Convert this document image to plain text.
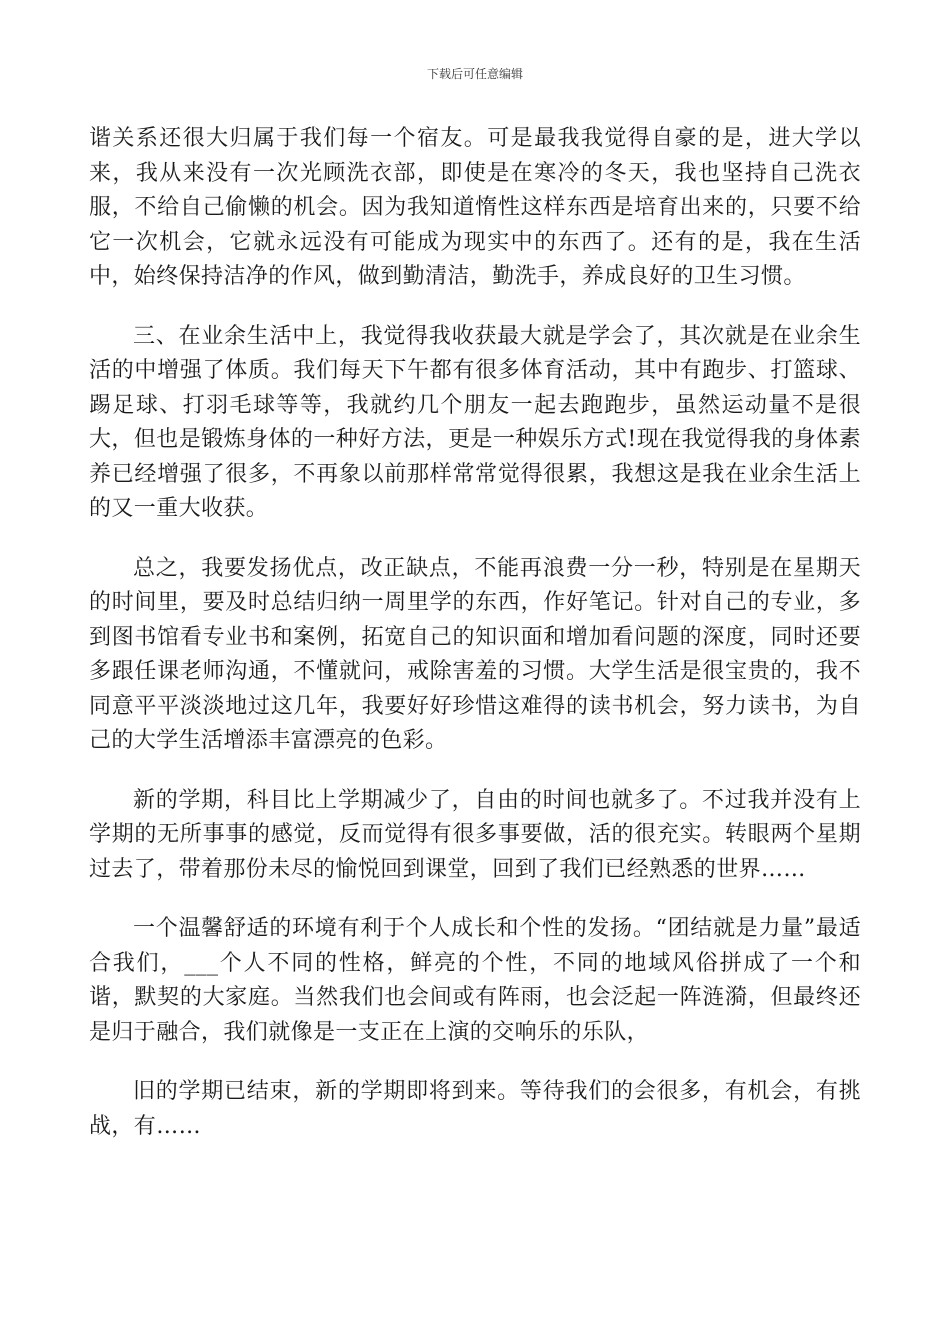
下载后可任意编辑

谐关系还很大归属于我们每一个宿友。可是最我我觉得自豪的是，进大学以来，我从来没有一次光顾洗衣部，即使是在寒冷的冬天，我也坚持自己洗衣服，不给自己偷懒的机会。因为我知道惰性这样东西是培育出来的，只要不给它一次机会，它就永远没有可能成为现实中的东西了。还有的是，我在生活中，始终保持洁净的作风，做到勤清洁，勤洗手，养成良好的卫生习惯。

三、在业余生活中上，我觉得我收获最大就是学会了，其次就是在业余生活的中增强了体质。我们每天下午都有很多体育活动，其中有跑步、打篮球、踢足球、打羽毛球等等，我就约几个朋友一起去跑跑步，虽然运动量不是很大，但也是锻炼身体的一种好方法，更是一种娱乐方式!现在我觉得我的身体素养已经增强了很多，不再象以前那样常常觉得很累，我想这是我在业余生活上的又一重大收获。

总之，我要发扬优点，改正缺点，不能再浪费一分一秒，特别是在星期天的时间里，要及时总结归纳一周里学的东西，作好笔记。针对自己的专业，多到图书馆看专业书和案例，拓宽自己的知识面和增加看问题的深度，同时还要多跟任课老师沟通，不懂就问，戒除害羞的习惯。大学生活是很宝贵的，我不同意平平淡淡地过这几年，我要好好珍惜这难得的读书机会，努力读书，为自己的大学生活增添丰富漂亮的色彩。

新的学期，科目比上学期减少了，自由的时间也就多了。不过我并没有上学期的无所事事的感觉，反而觉得有很多事要做，活的很充实。转眼两个星期过去了，带着那份未尽的愉悦回到课堂，回到了我们已经熟悉的世界……

一个温馨舒适的环境有利于个人成长和个性的发扬。“团结就是力量”最适合我们，___个人不同的性格，鲜亮的个性，不同的地域风俗拼成了一个和谐，默契的大家庭。当然我们也会间或有阵雨，也会泛起一阵涟漪，但最终还是归于融合，我们就像是一支正在上演的交响乐的乐队，

旧的学期已结束，新的学期即将到来。等待我们的会很多，有机会，有挑战，有……
